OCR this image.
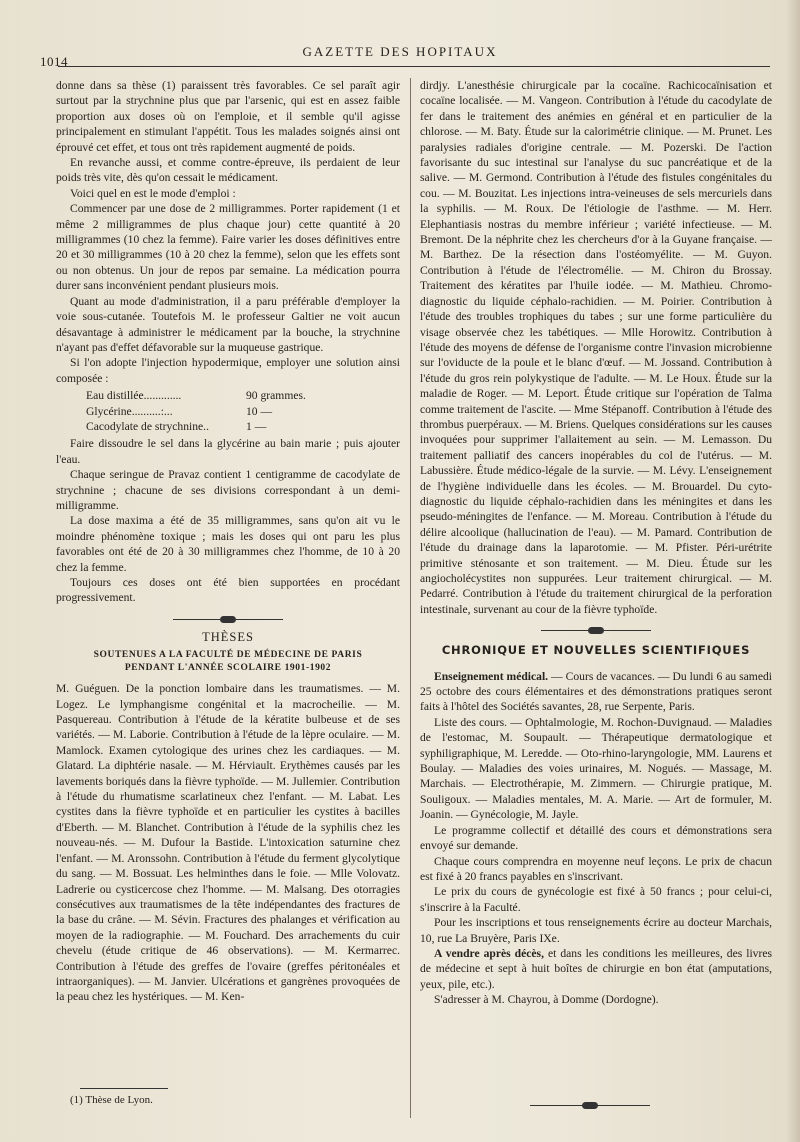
1014
GAZETTE DES HOPITAUX

donne dans sa thèse (1) paraissent très favorables. Ce sel paraît agir surtout par la strychnine plus que par l'arsenic, qui est en assez faible proportion aux doses où on l'emploie, et il semble qu'il agisse principalement en stimulant l'appétit. Tous les malades soignés ainsi ont éprouvé cet effet, et tous ont très rapidement augmenté de poids.

En revanche aussi, et comme contre-épreuve, ils perdaient de leur poids très vite, dès qu'on cessait le médicament.

Voici quel en est le mode d'emploi :

Commencer par une dose de 2 milligrammes. Porter rapidement (1 et même 2 milligrammes de plus chaque jour) cette quantité à 20 milligrammes (10 chez la femme). Faire varier les doses définitives entre 20 et 30 milligrammes (10 à 20 chez la femme), selon que les effets sont ou non obtenus. Un jour de repos par semaine. La médication pourra durer sans inconvénient pendant plusieurs mois.

Quant au mode d'administration, il a paru préférable d'employer la voie sous-cutanée. Toutefois M. le professeur Galtier ne voit aucun désavantage à administrer le médicament par la bouche, la strychnine n'ayant pas d'effet défavorable sur la muqueuse gastrique.

Si l'on adopte l'injection hypodermique, employer une solution ainsi composée :

Eau distillée.............	90 grammes.
Glycérine..........:...	10 —
Cacodylate de strychnine..	1 —

Faire dissoudre le sel dans la glycérine au bain marie ; puis ajouter l'eau.

Chaque seringue de Pravaz contient 1 centigramme de cacodylate de strychnine ; chacune de ses divisions correspondant à un demi-milligramme.

La dose maxima a été de 35 milligrammes, sans qu'on ait vu le moindre phénomène toxique ; mais les doses qui ont paru les plus favorables ont été de 20 à 30 milligrammes chez l'homme, de 10 à 20 chez la femme.

Toujours ces doses ont été bien supportées en procédant progressivement.

THÈSES
SOUTENUES A LA FACULTÉ DE MÉDECINE DE PARIS
PENDANT L'ANNÉE SCOLAIRE 1901-1902

M. Guéguen. De la ponction lombaire dans les traumatismes. — M. Logez. Le lymphangisme congénital et la macrocheilie. — M. Pasquereau. Contribution à l'étude de la kératite bulbeuse et de ses variétés. — M. Laborie. Contribution à l'étude de la lèpre oculaire. — M. Mamlock. Examen cytologique des urines chez les cardiaques. — M. Glatard. La diphtérie nasale. — M. Hérviault. Erythèmes causés par les lavements boriqués dans la fièvre typhoïde. — M. Jullemier. Contribution à l'étude du rhumatisme scarlatineux chez l'enfant. — M. Labat. Les cystites dans la fièvre typhoïde et en particulier les cystites à bacilles d'Eberth. — M. Blanchet. Contribution à l'étude de la syphilis chez les nouveau-nés. — M. Dufour la Bastide. L'intoxication saturnine chez l'enfant. — M. Aronssohn. Contribution à l'étude du ferment glycolytique du sang. — M. Bossuat. Les helminthes dans le foie. — Mlle Volovatz. Ladrerie ou cysticercose chez l'homme. — M. Malsang. Des otorragies consécutives aux traumatismes de la tête indépendantes des fractures de la base du crâne. — M. Sévin. Fractures des phalanges et vérification au moyen de la radiographie. — M. Fouchard. Des arrachements du cuir chevelu (étude critique de 46 observations). — M. Kermarrec. Contribution à l'étude des greffes de l'ovaire (greffes péritonéales et intraorganiques). — M. Janvier. Ulcérations et gangrènes provoquées de la peau chez les hystériques. — M. Ken-

dirdjy. L'anesthésie chirurgicale par la cocaïne. Rachicocaïnisation et cocaïne localisée. — M. Vangeon. Contribution à l'étude du cacodylate de fer dans le traitement des anémies en général et en particulier de la chlorose. — M. Baty. Étude sur la calorimétrie clinique. — M. Prunet. Les paralysies radiales d'origine centrale. — M. Pozerski. De l'action favorisante du suc intestinal sur l'analyse du suc pancréatique et de la salive. — M. Germond. Contribution à l'étude des fistules congénitales du cou. — M. Bouzitat. Les injections intra-veineuses de sels mercuriels dans la syphilis. — M. Roux. De l'étiologie de l'asthme. — M. Herr. Elephantiasis nostras du membre inférieur ; variété infectieuse. — M. Bremont. De la néphrite chez les chercheurs d'or à la Guyane française. — M. Barthez. De la résection dans l'ostéomyélite. — M. Guyon. Contribution à l'étude de l'électromélie. — M. Chiron du Brossay. Traitement des kératites par l'huile iodée. — M. Mathieu. Chromo-diagnostic du liquide céphalo-rachidien. — M. Poirier. Contribution à l'étude des troubles trophiques du tabes ; sur une forme particulière du visage observée chez les tabétiques. — Mlle Horowitz. Contribution à l'étude des moyens de défense de l'organisme contre l'invasion microbienne sur l'oviducte de la poule et le blanc d'œuf. — M. Jossand. Contribution à l'étude du gros rein polykystique de l'adulte. — M. Le Houx. Étude sur la maladie de Roger. — M. Leport. Étude critique sur l'opération de Talma comme traitement de l'ascite. — Mme Stépanoff. Contribution à l'étude des thrombus puerpéraux. — M. Briens. Quelques considérations sur les causes invoquées pour supprimer l'allaitement au sein. — M. Lemasson. Du traitement palliatif des cancers inopérables du col de l'utérus. — M. Labussière. Étude médico-légale de la survie. — M. Lévy. L'enseignement de l'hygiène individuelle dans les écoles. — M. Brouardel. Du cyto-diagnostic du liquide céphalo-rachidien dans les méningites et dans les pseudo-méningites de l'enfance. — M. Moreau. Contribution à l'étude du délire alcoolique (hallucination de l'eau). — M. Pamard. Contribution de l'étude du drainage dans la laparotomie. — M. Pfister. Péri-urétrite primitive sténosante et son traitement. — M. Dieu. Étude sur les angiocholécystites non suppurées. Leur traitement chirurgical. — M. Pedarré. Contribution à l'étude du traitement chirurgical de la perforation intestinale, survenant au cour de la fièvre typhoïde.

CHRONIQUE ET NOUVELLES SCIENTIFIQUES

Enseignement médical. — Cours de vacances. — Du lundi 6 au samedi 25 octobre des cours élémentaires et des démonstrations pratiques seront faits à l'hôtel des Sociétés savantes, 28, rue Serpente, Paris.

Liste des cours. — Ophtalmologie, M. Rochon-Duvignaud. — Maladies de l'estomac, M. Soupault. — Thérapeutique dermatologique et syphiligraphique, M. Leredde. — Oto-rhino-laryngologie, MM. Laurens et Boulay. — Maladies des voies urinaires, M. Nogués. — Massage, M. Marchais. — Electrothérapie, M. Zimmern. — Chirurgie pratique, M. Souligoux. — Maladies mentales, M. A. Marie. — Art de formuler, M. Joanin. — Gynécologie, M. Jayle.

Le programme collectif et détaillé des cours et démonstrations sera envoyé sur demande.

Chaque cours comprendra en moyenne neuf leçons. Le prix de chacun est fixé à 20 francs payables en s'inscrivant.

Le prix du cours de gynécologie est fixé à 50 francs ; pour celui-ci, s'inscrire à la Faculté.

Pour les inscriptions et tous renseignements écrire au docteur Marchais, 10, rue La Bruyère, Paris IXe.

A vendre après décès, et dans les conditions les meilleures, des livres de médecine et sept à huit boîtes de chirurgie en bon état (amputations, yeux, pile, etc.).

S'adresser à M. Chayrou, à Domme (Dordogne).

(1) Thèse de Lyon.
